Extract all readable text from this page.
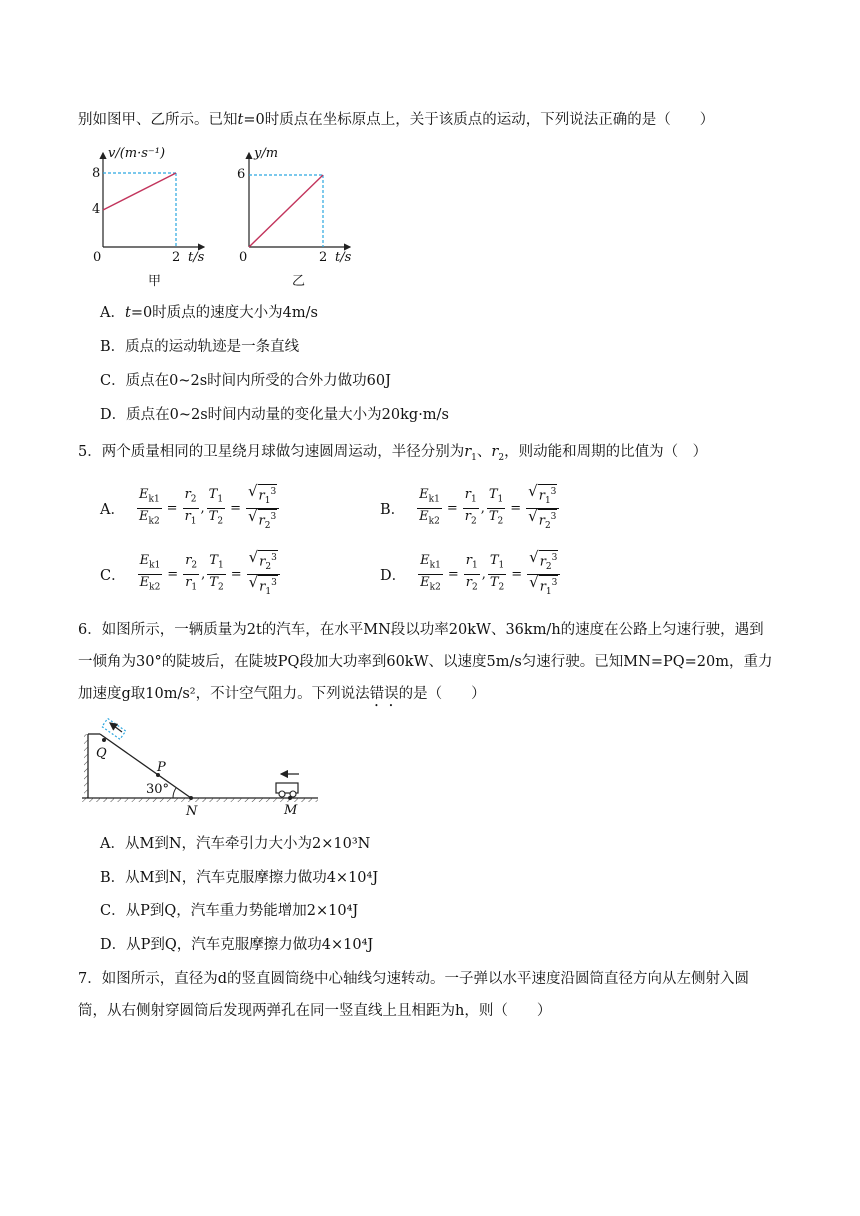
别如图甲、乙所示。已知t=0时质点在坐标原点上，关于该质点的运动，下列说法正确的是（　　）
v/(m·s⁻¹)
8
4
0	2 t/s
甲
y/m
6
0	2 t/s
乙
A．t=0时质点的速度大小为4m/s
B．质点的运动轨迹是一条直线
C．质点在0~2s时间内所受的合外力做功60J
D．质点在0~2s时间内动量的变化量大小为20kg·m/s
5．两个质量相同的卫星绕月球做匀速圆周运动，半径分别为$r_1$、$r_2$，则动能和周期的比值为（　）
A． $\frac{E_{k1}}{E_{k2}} = \frac{r_2}{r_1}$ , $\frac{T_1}{T_2} = \frac{√ r_1^3}{√ r_2^3}$	B． $\frac{E_{k1}}{E_{k2}} = \frac{r_1}{r_2}$ , $\frac{T_1}{T_2} = \frac{√ r_1^3}{√ r_2^3}$
C． $\frac{E_{k1}}{E_{k2}} = \frac{r_2}{r_1}$ , $\frac{T_1}{T_2} = \frac{√ r_2^3}{√ r_1^3}$	D． $\frac{E_{k1}}{E_{k2}} = \frac{r_1}{r_2}$ , $\frac{T_1}{T_2} = \frac{√ r_2^3}{√ r_1^3}$
6．如图所示，一辆质量为2t的汽车，在水平MN段以功率20kW、36km/h的速度在公路上匀速行驶，遇到
一倾角为30°的陡坡后，在陡坡PQ段加大功率到60kW、以速度5m/s匀速行驶。已知MN=PQ=20m，重力
加速度g取10m/s²，不计空气阻力。下列说法错误的是（　　）
Q
P
30°
N	M
A．从M到N，汽车牵引力大小为2×10³N
B．从M到N，汽车克服摩擦力做功4×10⁴J
C．从P到Q，汽车重力势能增加2×10⁴J
D．从P到Q，汽车克服摩擦力做功4×10⁴J
7．如图所示，直径为d的竖直圆筒绕中心轴线匀速转动。一子弹以水平速度沿圆筒直径方向从左侧射入圆
筒，从右侧射穿圆筒后发现两弹孔在同一竖直线上且相距为h，则（　　）
